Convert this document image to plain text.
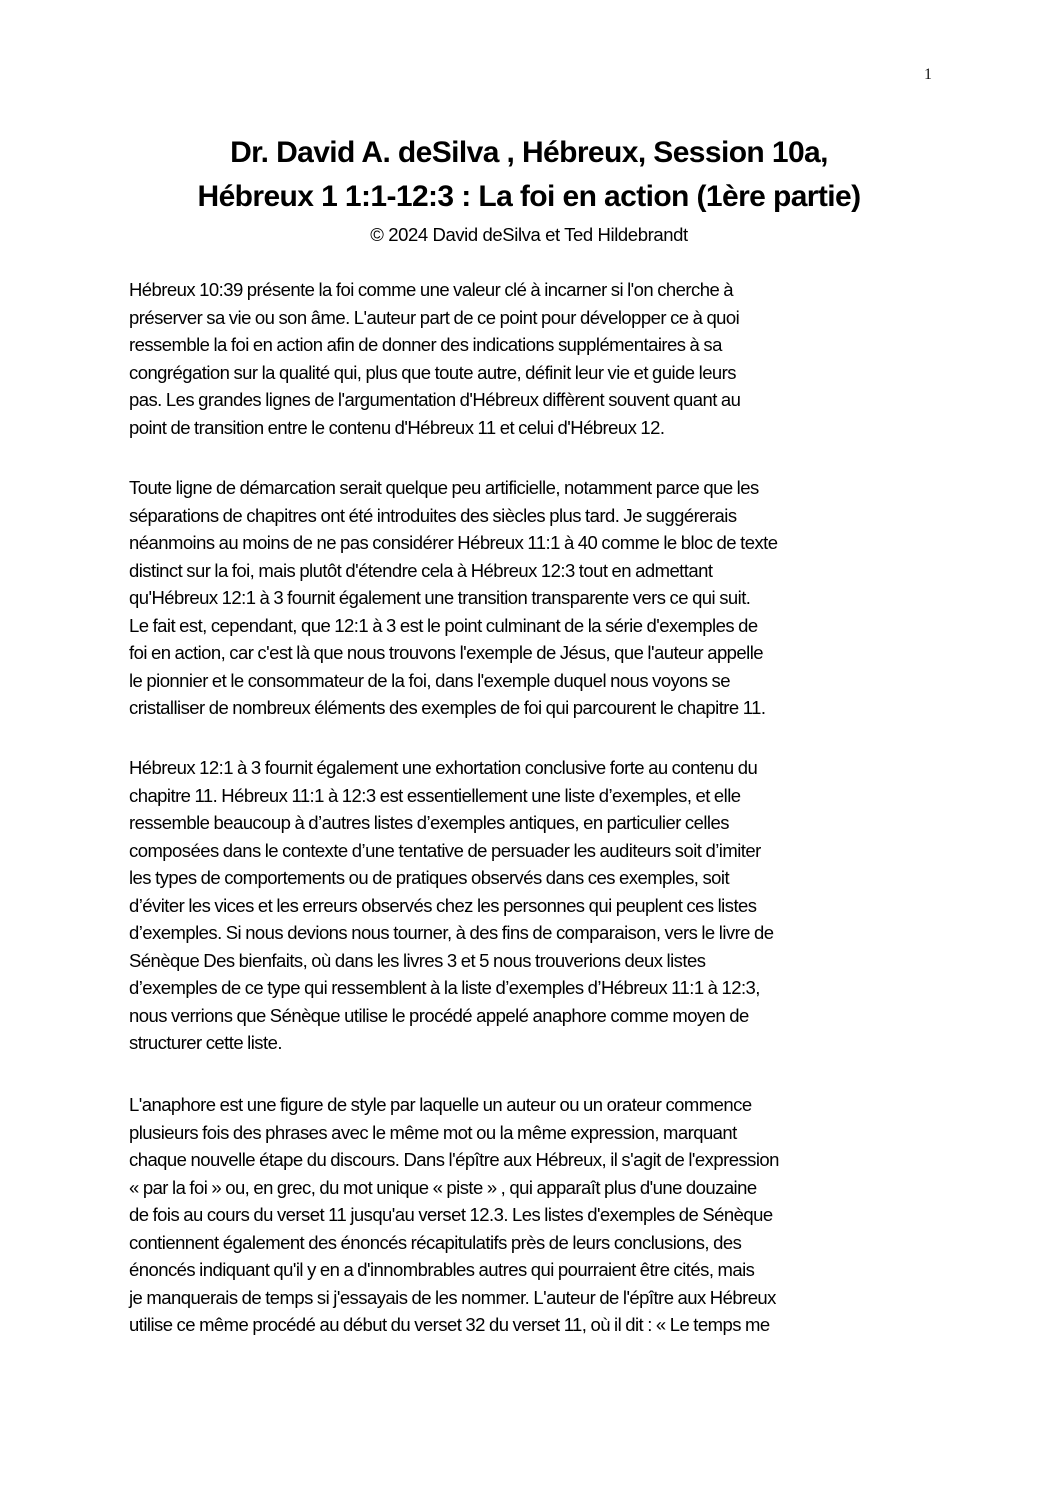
1
Dr. David A. deSilva , Hébreux, Session 10a,
Hébreux 1 1:1-12:3 : La foi en action (1ère partie)
© 2024 David deSilva et Ted Hildebrandt
Hébreux 10:39 présente la foi comme une valeur clé à incarner si l'on cherche à
préserver sa vie ou son âme. L'auteur part de ce point pour développer ce à quoi
ressemble la foi en action afin de donner des indications supplémentaires à sa
congrégation sur la qualité qui, plus que toute autre, définit leur vie et guide leurs
pas. Les grandes lignes de l'argumentation d'Hébreux diffèrent souvent quant au
point de transition entre le contenu d'Hébreux 11 et celui d'Hébreux 12.
Toute ligne de démarcation serait quelque peu artificielle, notamment parce que les
séparations de chapitres ont été introduites des siècles plus tard. Je suggérerais
néanmoins au moins de ne pas considérer Hébreux 11:1 à 40 comme le bloc de texte
distinct sur la foi, mais plutôt d'étendre cela à Hébreux 12:3 tout en admettant
qu'Hébreux 12:1 à 3 fournit également une transition transparente vers ce qui suit.
Le fait est, cependant, que 12:1 à 3 est le point culminant de la série d'exemples de
foi en action, car c'est là que nous trouvons l'exemple de Jésus, que l'auteur appelle
le pionnier et le consommateur de la foi, dans l'exemple duquel nous voyons se
cristalliser de nombreux éléments des exemples de foi qui parcourent le chapitre 11.
Hébreux 12:1 à 3 fournit également une exhortation conclusive forte au contenu du
chapitre 11. Hébreux 11:1 à 12:3 est essentiellement une liste d’exemples, et elle
ressemble beaucoup à d’autres listes d’exemples antiques, en particulier celles
composées dans le contexte d’une tentative de persuader les auditeurs soit d’imiter
les types de comportements ou de pratiques observés dans ces exemples, soit
d’éviter les vices et les erreurs observés chez les personnes qui peuplent ces listes
d’exemples. Si nous devions nous tourner, à des fins de comparaison, vers le livre de
Sénèque Des bienfaits, où dans les livres 3 et 5 nous trouverions deux listes
d’exemples de ce type qui ressemblent à la liste d’exemples d’Hébreux 11:1 à 12:3,
nous verrions que Sénèque utilise le procédé appelé anaphore comme moyen de
structurer cette liste.
L'anaphore est une figure de style par laquelle un auteur ou un orateur commence
plusieurs fois des phrases avec le même mot ou la même expression, marquant
chaque nouvelle étape du discours. Dans l'épître aux Hébreux, il s'agit de l'expression
« par la foi » ou, en grec, du mot unique « piste » , qui apparaît plus d'une douzaine
de fois au cours du verset 11 jusqu'au verset 12.3. Les listes d'exemples de Sénèque
contiennent également des énoncés récapitulatifs près de leurs conclusions, des
énoncés indiquant qu'il y en a d'innombrables autres qui pourraient être cités, mais
je manquerais de temps si j'essayais de les nommer. L'auteur de l'épître aux Hébreux
utilise ce même procédé au début du verset 32 du verset 11, où il dit : « Le temps me
